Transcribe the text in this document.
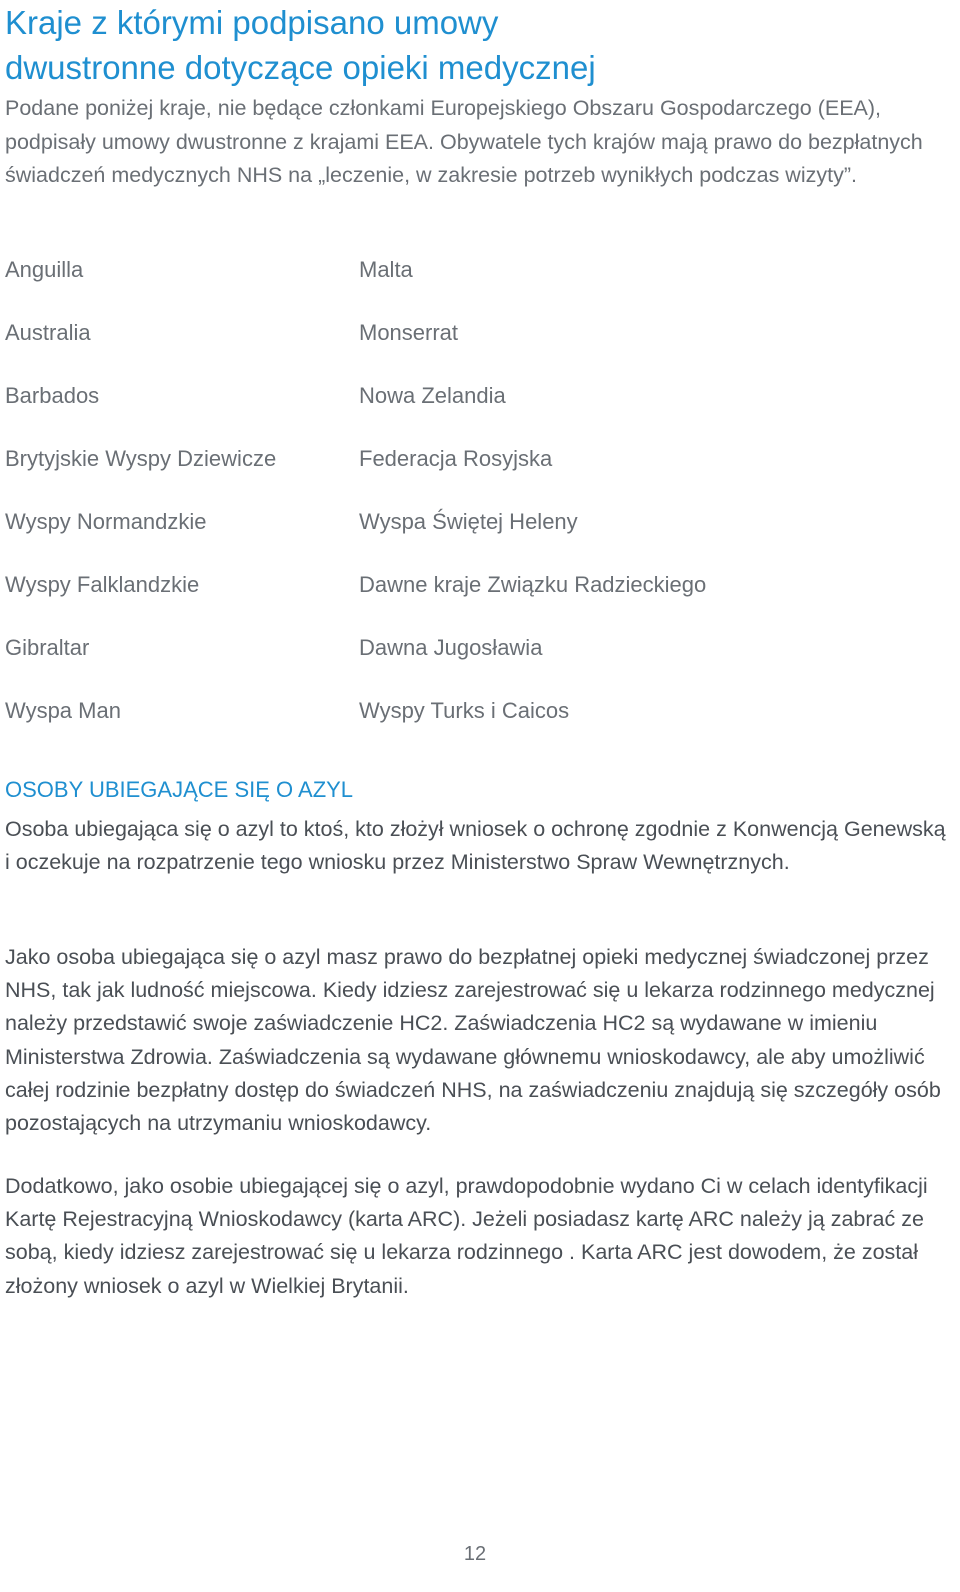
Kraje z którymi podpisano umowy
dwustronne dotyczące opieki medycznej

Podane poniżej kraje, nie będące członkami Europejskiego Obszaru Gospodarczego (EEA), podpisały umowy dwustronne z krajami EEA. Obywatele tych krajów mają prawo do bezpłatnych świadczeń medycznych NHS na „leczenie, w zakresie potrzeb wynikłych podczas wizyty”.

Anguilla
Australia
Barbados
Brytyjskie Wyspy Dziewicze
Wyspy Normandzkie
Wyspy Falklandzkie
Gibraltar
Wyspa Man
Malta
Monserrat
Nowa Zelandia
Federacja Rosyjska
Wyspa Świętej Heleny
Dawne kraje Związku Radzieckiego
Dawna Jugosławia
Wyspy Turks i Caicos
OSOBY UBIEGAJĄCE SIĘ O AZYL

Osoba ubiegająca się o azyl to ktoś, kto złożył wniosek o ochronę zgodnie z Konwencją Genewską i oczekuje na rozpatrzenie tego wniosku przez Ministerstwo Spraw Wewnętrznych.

Jako osoba ubiegająca się o azyl masz prawo do bezpłatnej opieki medycznej świadczonej przez NHS, tak jak ludność miejscowa. Kiedy idziesz zarejestrować się u lekarza rodzinnego medycznej należy przedstawić swoje zaświadczenie HC2. Zaświadczenia HC2 są wydawane w imieniu Ministerstwa Zdrowia. Zaświadczenia są wydawane głównemu wnioskodawcy, ale aby umożliwić całej rodzinie bezpłatny dostęp do świadczeń NHS, na zaświadczeniu znajdują się szczegóły osób pozostających na utrzymaniu wnioskodawcy.

Dodatkowo, jako osobie ubiegającej się o azyl, prawdopodobnie wydano Ci w celach identyfikacji Kartę Rejestracyjną Wnioskodawcy (karta ARC). Jeżeli posiadasz kartę ARC należy ją zabrać ze sobą, kiedy idziesz zarejestrować się u lekarza rodzinnego . Karta ARC jest dowodem, że został złożony wniosek o azyl w Wielkiej Brytanii.

12
